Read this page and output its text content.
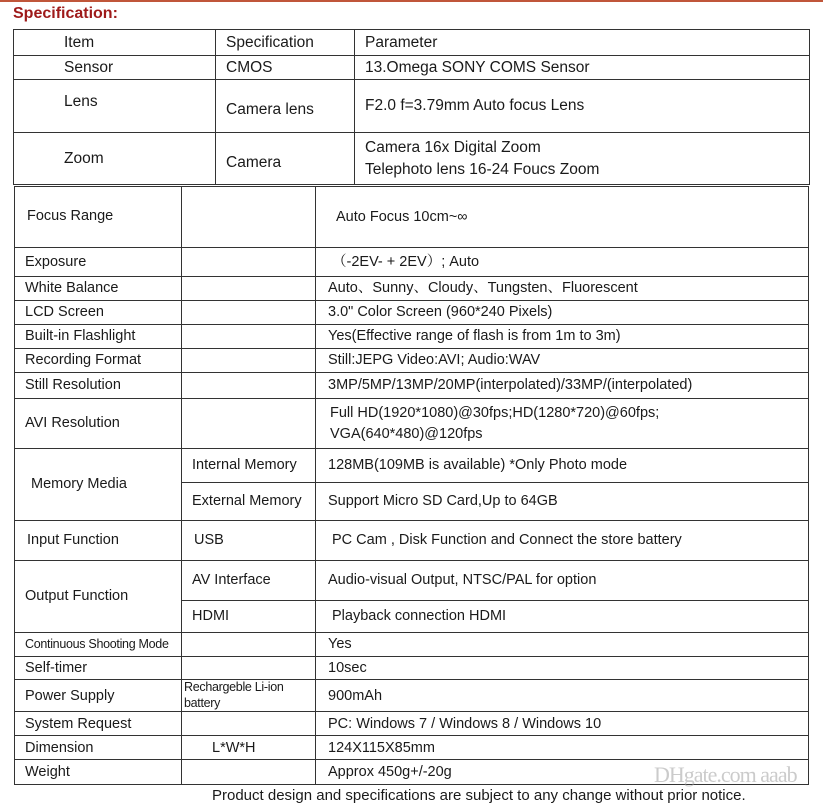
Specification:
Item	Specification	Parameter
Sensor	CMOS	13.Omega SONY COMS Sensor
Lens	Camera lens	F2.0 f=3.79mm Auto focus Lens
Zoom	Camera	Camera 16x Digital Zoom
Telephoto lens 16-24 Foucs Zoom
Focus Range		Auto Focus 10cm~∞
Exposure		（-2EV- + 2EV）; Auto
White Balance		Auto、Sunny、Cloudy、Tungsten、Fluorescent
LCD Screen		3.0" Color Screen (960*240 Pixels)
Built-in Flashlight		Yes(Effective range of flash is from 1m to 3m)
Recording Format		Still:JEPG Video:AVI; Audio:WAV
Still Resolution		3MP/5MP/13MP/20MP(interpolated)/33MP/(interpolated)
AVI Resolution		Full HD(1920*1080)@30fps;HD(1280*720)@60fps;
VGA(640*480)@120fps

Memory Media	Internal Memory	128MB(109MB is available) *Only Photo mode
	External Memory	Support Micro SD Card,Up to 64GB
Input Function	USB	PC Cam , Disk Function and Connect the store battery
Output Function	AV Interface	Audio-visual Output, NTSC/PAL for option
	HDMI	Playback connection HDMI
Continuous Shooting Mode		Yes
Self-timer		10sec
Power Supply	Rechargeble Li-ion battery	900mAh
System Request		PC: Windows 7 / Windows 8 / Windows 10
Dimension	L*W*H	124X115X85mm
Weight		Approx 450g+/-20g	DHgate.com aaab
Product design and specifications are subject to any change without prior notice.
